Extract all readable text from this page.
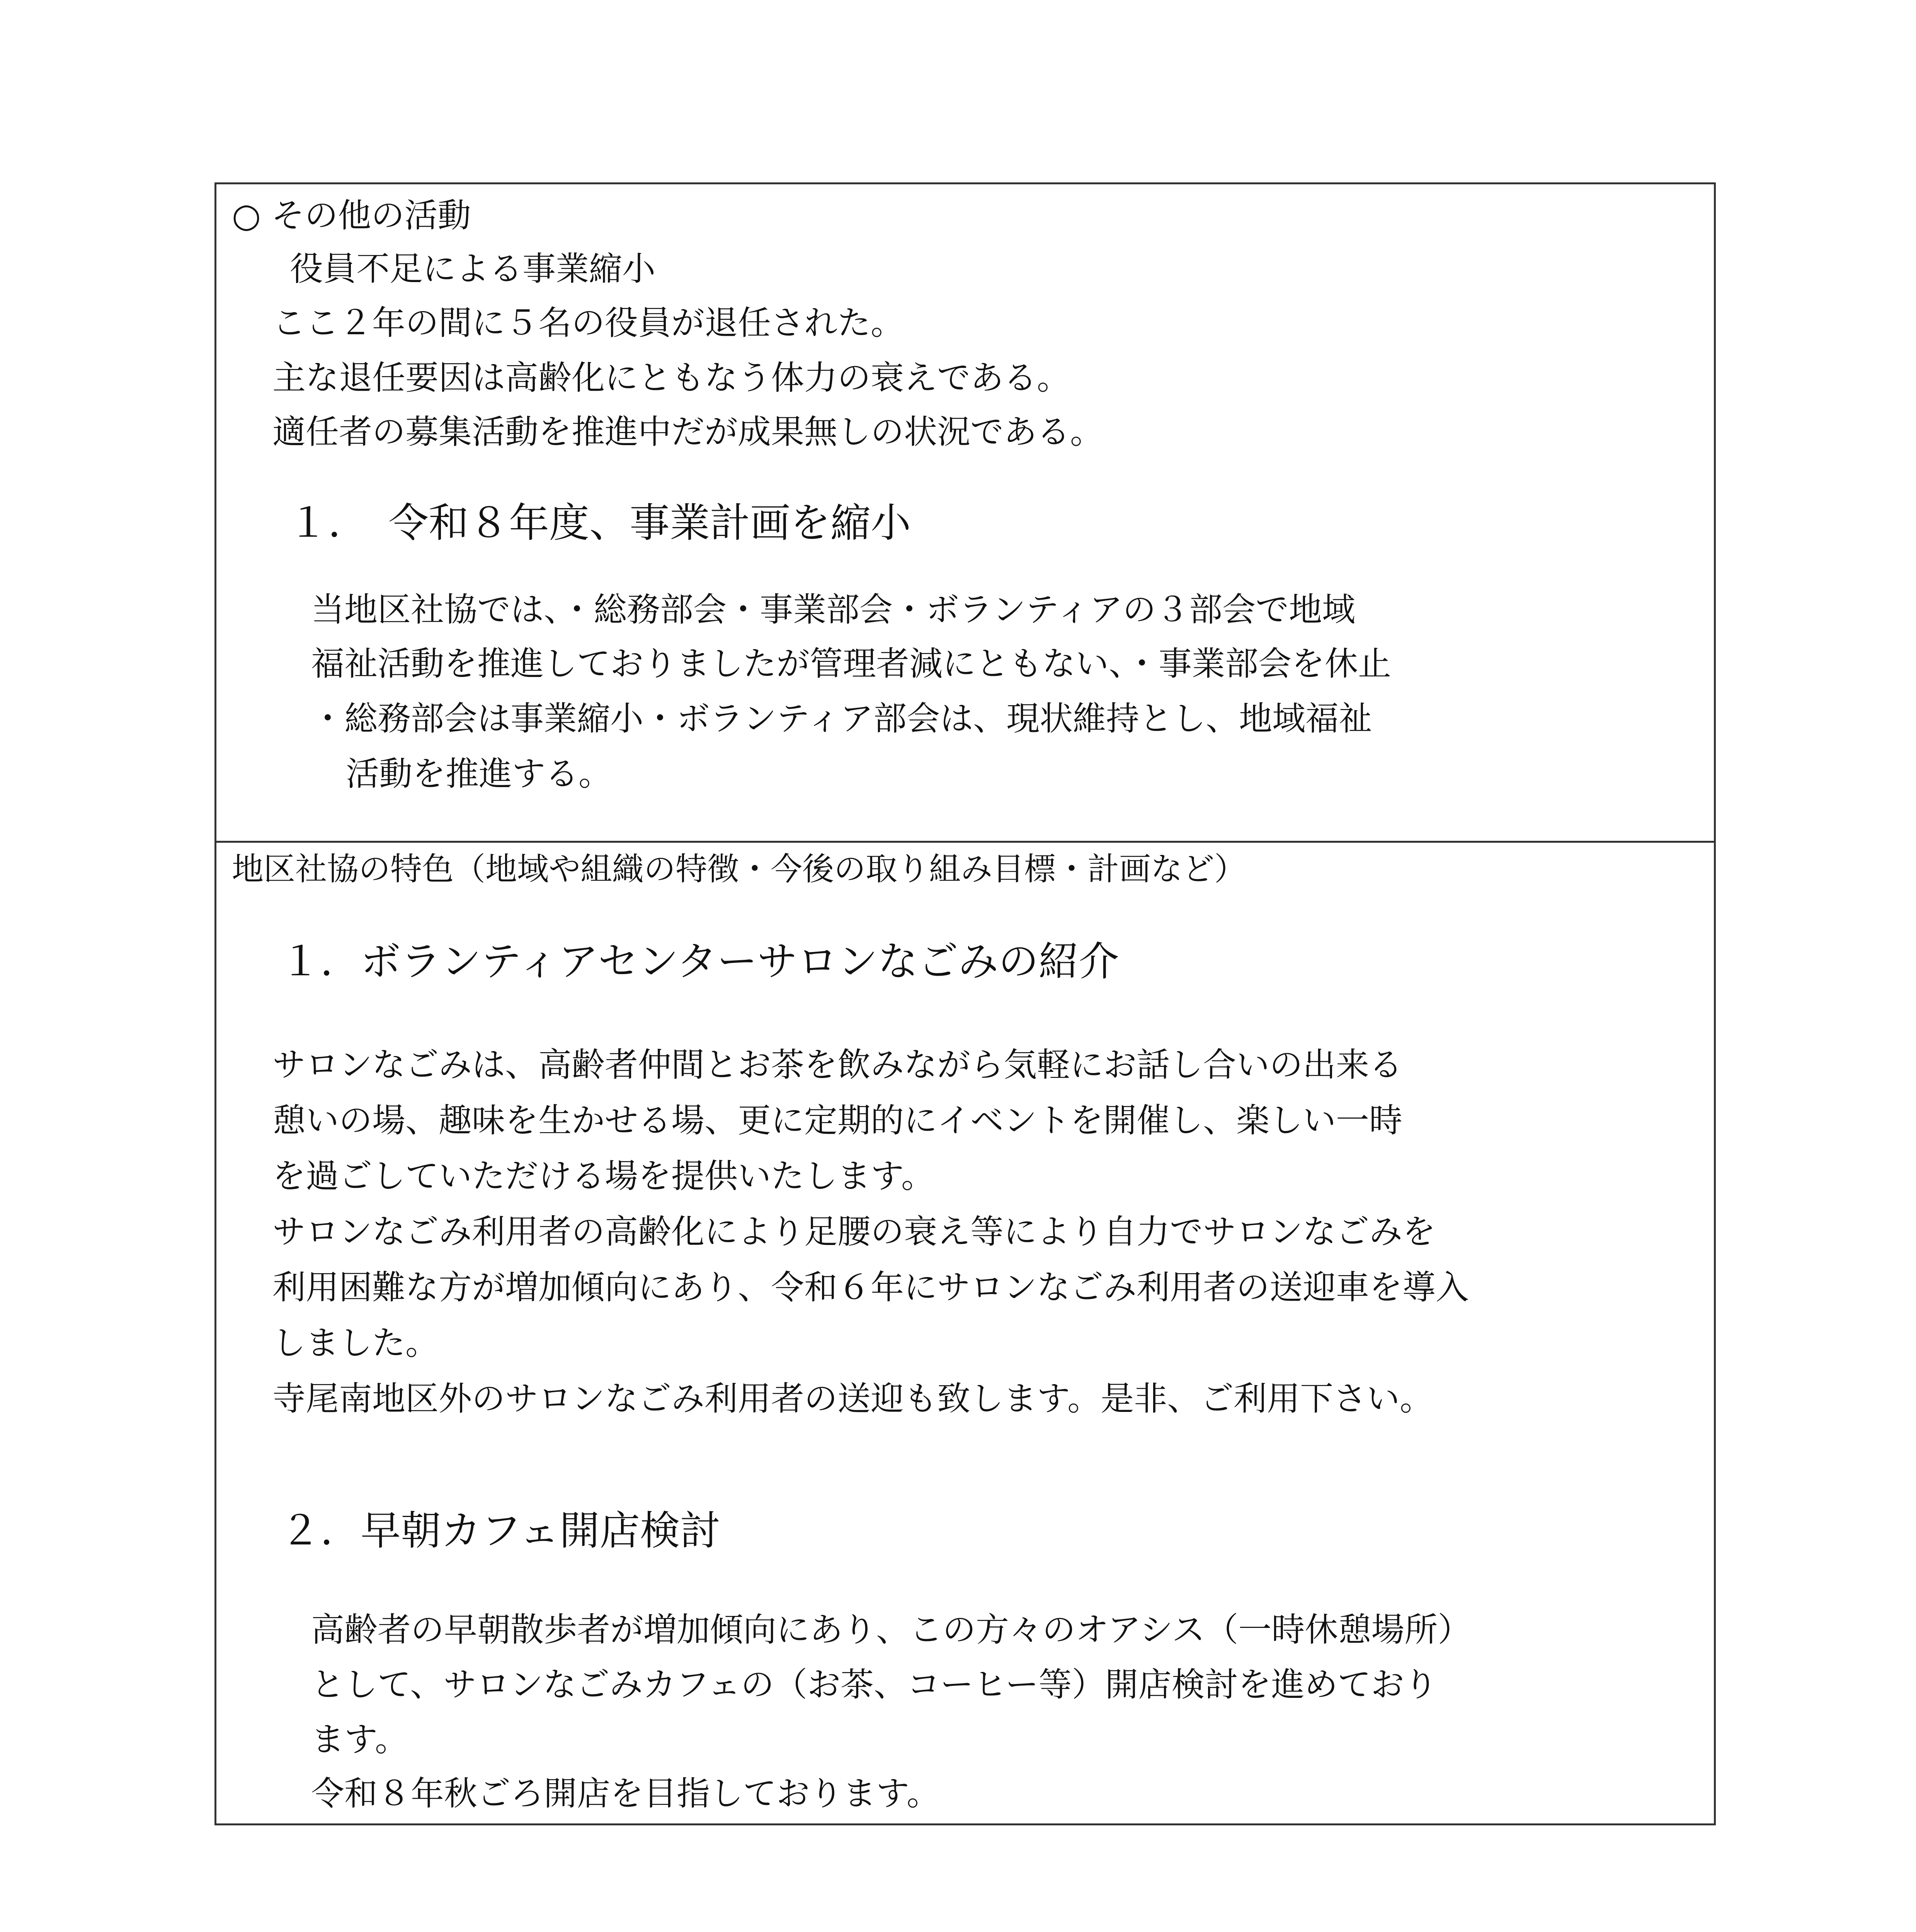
○ その他の活動
役員不足による事業縮小
ここ２年の間に５名の役員が退任された。
主な退任要因は高齢化にともなう体力の衰えである。
適任者の募集活動を推進中だが成果無しの状況である。
１．　令和８年度、事業計画を縮小
当地区社協では、・総務部会・事業部会・ボランティアの３部会で地域
福祉活動を推進しておりましたが管理者減にともない、・事業部会を休止
・総務部会は事業縮小・ボランティア部会は、現状維持とし、地域福祉
活動を推進する。
地区社協の特色（地域や組織の特徴・今後の取り組み目標・計画など）
１．ボランティアセンターサロンなごみの紹介
サロンなごみは、高齢者仲間とお茶を飲みながら気軽にお話し合いの出来る
憩いの場、趣味を生かせる場、更に定期的にイベントを開催し、楽しい一時
を過ごしていただける場を提供いたします。
サロンなごみ利用者の高齢化により足腰の衰え等により自力でサロンなごみを
利用困難な方が増加傾向にあり、令和６年にサロンなごみ利用者の送迎車を導入
しました。
寺尾南地区外のサロンなごみ利用者の送迎も致します。是非、ご利用下さい。
２．早朝カフェ開店検討
高齢者の早朝散歩者が増加傾向にあり、この方々のオアシス（一時休憩場所）
として、サロンなごみカフェの（お茶、コーヒー等）開店検討を進めており
ます。
令和８年秋ごろ開店を目指しております。
